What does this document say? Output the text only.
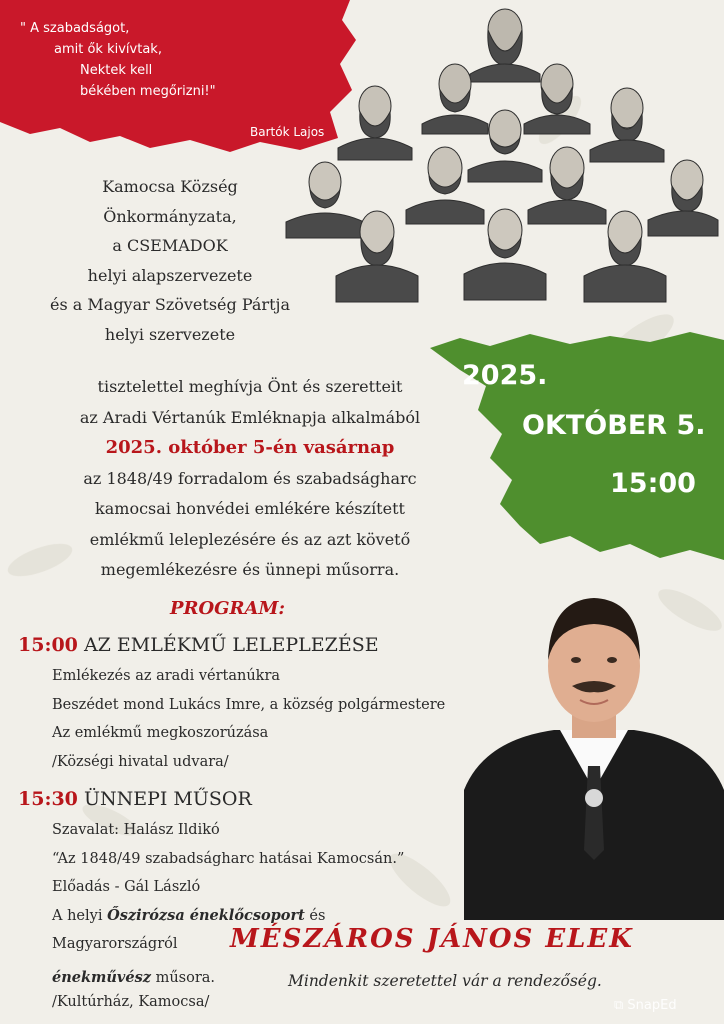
" A szabadságot,
amit ők kivívtak,
Nektek kell
békében megőrizni!"
Bartók Lajos
Kamocsa Község
Önkormányzata,
a CSEMADOK
helyi alapszervezete
és a Magyar Szövetség Pártja
helyi szervezete
2025.
OKTÓBER 5.
15:00
tisztelettel meghívja Önt és szeretteit
az Aradi Vértanúk Emléknapja alkalmából
2025. október 5-én vasárnap
az 1848/49 forradalom és szabadságharc
kamocsai honvédei emlékére készített
emlékmű leleplezésére és az azt követő
megemlékezésre és ünnepi műsorra.
PROGRAM:
15:00 AZ EMLÉKMŰ LELEPLEZÉSE
Emlékezés az aradi vértanúkra
Beszédet mond Lukács Imre, a község polgármestere
Az emlékmű megkoszorúzása
/Községi hivatal udvara/
15:30 ÜNNEPI MŰSOR
Szavalat: Halász Ildikó
“Az 1848/49 szabadságharc hatásai Kamocsán.”
Előadás - Gál László
A helyi Őszirózsa éneklőcsoport és
Magyarországról	MÉSZÁROS JÁNOS ELEK
énekművész műsora.
/Kultúrház, Kamocsa/
Mindenkit szeretettel vár a rendezőség.
⧉ SnapEd
